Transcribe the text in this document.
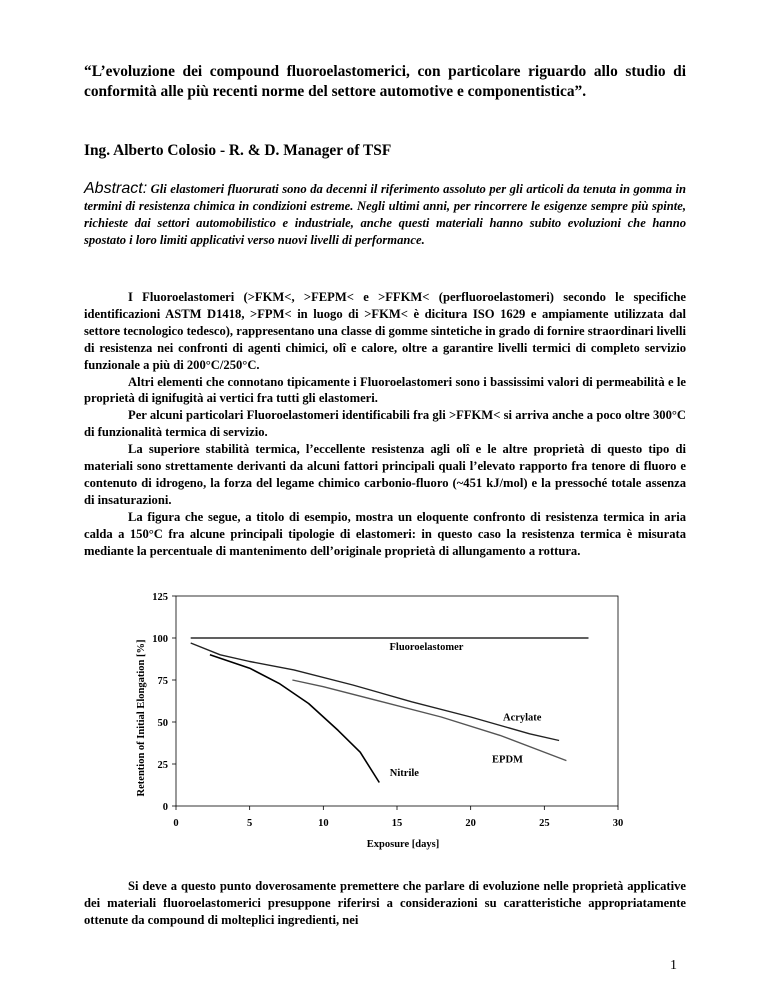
“L’evoluzione dei compound fluoroelastomerici, con particolare riguardo allo studio di conformità alle più recenti norme del settore automotive e componentistica”.
Ing. Alberto Colosio - R. & D. Manager of TSF
Abstract: Gli elastomeri fluorurati sono da decenni il riferimento assoluto per gli articoli da tenuta in gomma in termini di resistenza chimica in condizioni estreme. Negli ultimi anni, per rincorrere le esigenze sempre più spinte, richieste dai settori automobilistico e industriale, anche questi materiali hanno subito evoluzioni che hanno spostato i loro limiti applicativi verso nuovi livelli di performance.

I Fluoroelastomeri (>FKM<, >FEPM< e >FFKM< (perfluoroelastomeri) secondo le specifiche identificazioni ASTM D1418, >FPM< in luogo di >FKM< è dicitura ISO 1629 e ampiamente utilizzata dal settore tecnologico tedesco), rappresentano una classe di gomme sintetiche in grado di fornire straordinari livelli di resistenza nei confronti di agenti chimici, olî e calore, oltre a garantire livelli termici di completo servizio funzionale a più di 200°C/250°C.

Altri elementi che connotano tipicamente i Fluoroelastomeri sono i bassissimi valori di permeabilità e le proprietà di ignifugità ai vertici fra tutti gli elastomeri.

Per alcuni particolari Fluoroelastomeri identificabili fra gli >FFKM< si arriva anche a poco oltre 300°C di funzionalità termica di servizio.

La superiore stabilità termica, l’eccellente resistenza agli olî e le altre proprietà di questo tipo di materiali sono strettamente derivanti da alcuni fattori principali quali l’elevato rapporto fra tenore di fluoro e contenuto di idrogeno, la forza del legame chimico carbonio-fluoro (~451 kJ/mol) e la pressoché totale assenza di insaturazioni.

La figura che segue, a titolo di esempio, mostra un eloquente confronto di resistenza termica in aria calda a 150°C fra alcune principali tipologie di elastomeri: in questo caso la resistenza termica è misurata mediante la percentuale di mantenimento dell’originale proprietà di allungamento a rottura.

0
25
50
75
100
125
0	5	10	15	20	25	30
Fluoroelastomer
Acrylate
EPDM
Nitrile
Retention of Initial Elongation [%]
Exposure [days]

Si deve a questo punto doverosamente premettere che parlare di evoluzione nelle proprietà applicative dei materiali fluoroelastomerici presuppone riferirsi a considerazioni su caratteristiche appropriatamente ottenute da compound di molteplici ingredienti, nei

1
